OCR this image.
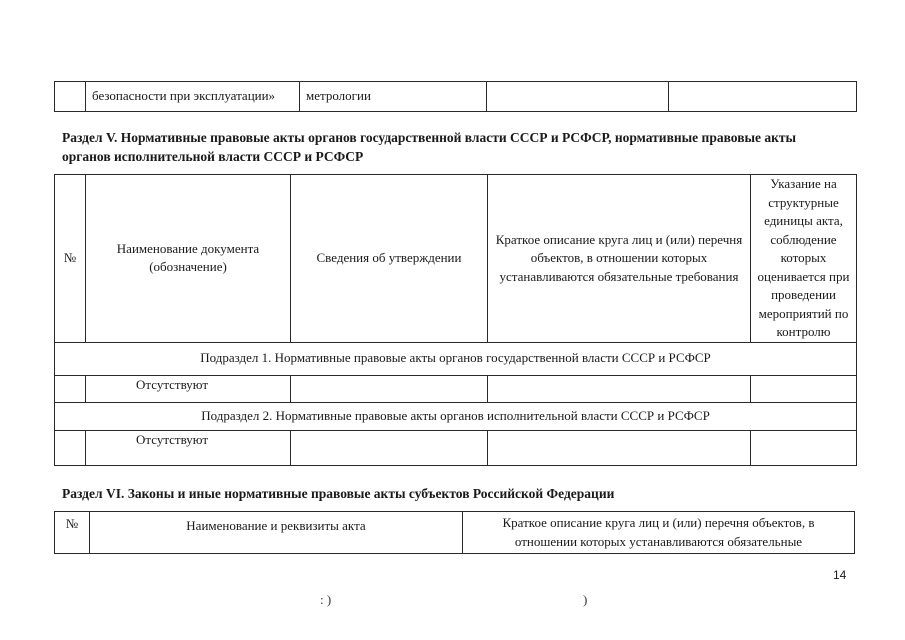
	безопасности при эксплуатации»	метрологии		
Раздел V. Нормативные правовые акты органов государственной власти СССР и РСФСР, нормативные правовые акты
органов исполнительной власти СССР и РСФСР
№	Наименование документа (обозначение)	Сведения об утверждении	Краткое описание круга лиц и (или) перечня объектов, в отношении которых устанавливаются обязательные требования	Указание на структурные единицы акта, соблюдение которых оценивается при проведении мероприятий по контролю
Подраздел 1. Нормативные правовые акты органов государственной власти СССР и РСФСР				
	Отсутствуют			
Подраздел 2. Нормативные правовые акты органов исполнительной власти СССР и РСФСР				
	Отсутствуют			
Раздел VI. Законы и иные нормативные правовые акты субъектов Российской Федерации
№	Наименование и реквизиты акта	Краткое описание круга лиц и (или) перечня объектов, в отношении которых устанавливаются обязательные
14
: )	)
